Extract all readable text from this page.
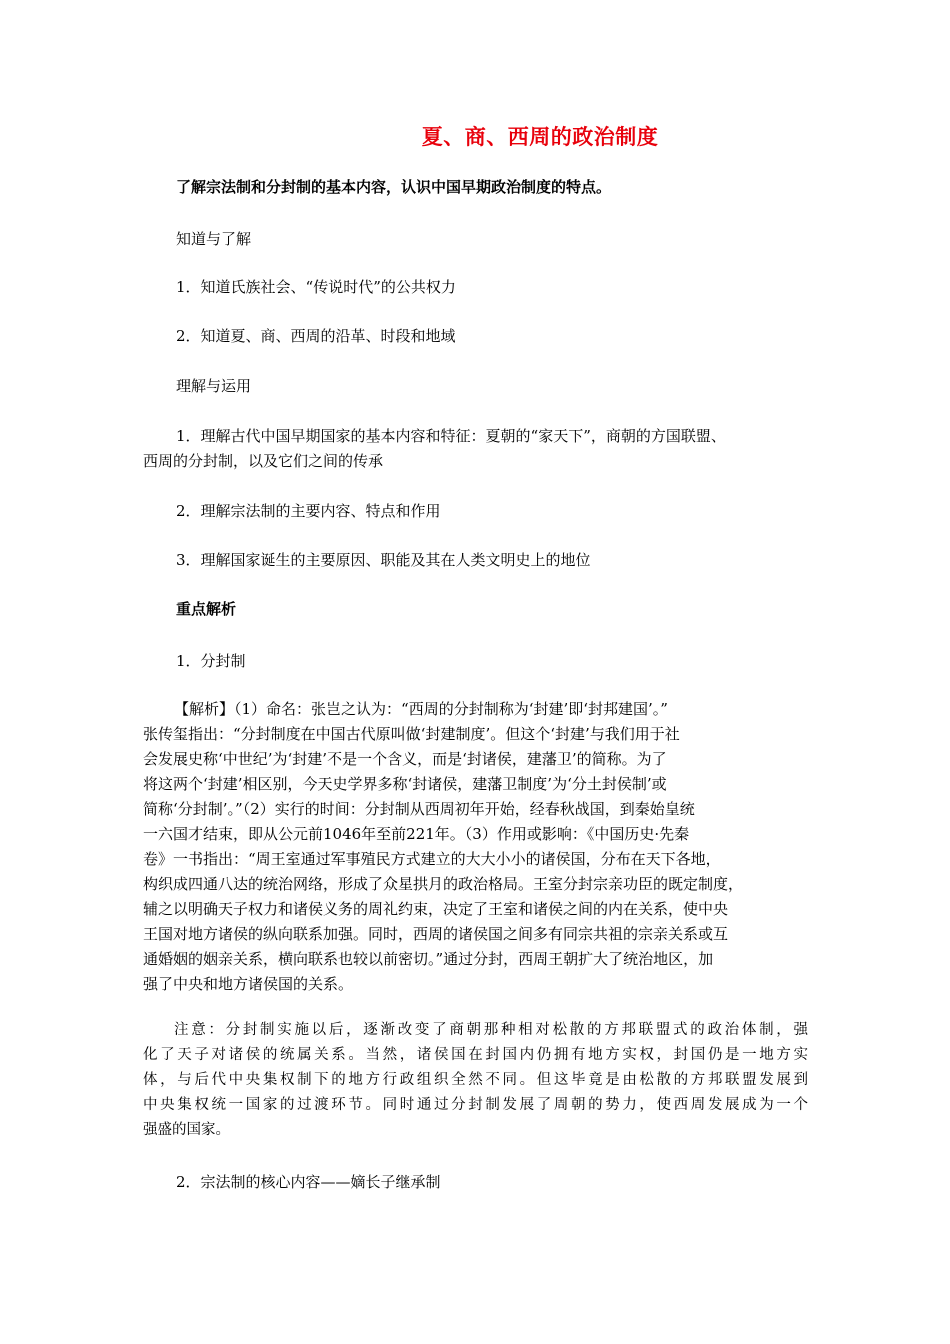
夏、商、西周的政治制度
了解宗法制和分封制的基本内容，认识中国早期政治制度的特点。
知道与了解
1．知道氏族社会、“传说时代”的公共权力
2．知道夏、商、西周的沿革、时段和地域
理解与运用
1．理解古代中国早期国家的基本内容和特征：夏朝的“家天下”，商朝的方国联盟、
西周的分封制，以及它们之间的传承
2．理解宗法制的主要内容、特点和作用
3．理解国家诞生的主要原因、职能及其在人类文明史上的地位
重点解析
1．分封制
【解析】（1）命名：张岂之认为：“西周的分封制称为‘封建’即‘封邦建国’。”
张传玺指出：“分封制度在中国古代原叫做‘封建制度’。但这个‘封建’与我们用于社
会发展史称‘中世纪’为‘封建’不是一个含义，而是‘封诸侯，建藩卫’的简称。为了
将这两个‘封建’相区别，今天史学界多称‘封诸侯，建藩卫制度’为‘分土封侯制’或
简称‘分封制’。”（2）实行的时间：分封制从西周初年开始，经春秋战国，到秦始皇统
一六国才结束，即从公元前1046年至前221年。（3）作用或影响：《中国历史·先秦
卷》一书指出：“周王室通过军事殖民方式建立的大大小小的诸侯国，分布在天下各地，
构织成四通八达的统治网络，形成了众星拱月的政治格局。王室分封宗亲功臣的既定制度，
辅之以明确天子权力和诸侯义务的周礼约束，决定了王室和诸侯之间的内在关系，使中央
王国对地方诸侯的纵向联系加强。同时，西周的诸侯国之间多有同宗共祖的宗亲关系或互
通婚姻的姻亲关系，横向联系也较以前密切。”通过分封，西周王朝扩大了统治地区，加
强了中央和地方诸侯国的关系。
注意：分封制实施以后，逐渐改变了商朝那种相对松散的方邦联盟式的政治体制，强
化了天子对诸侯的统属关系。当然，诸侯国在封国内仍拥有地方实权，封国仍是一地方实
体，与后代中央集权制下的地方行政组织全然不同。但这毕竟是由松散的方邦联盟发展到
中央集权统一国家的过渡环节。同时通过分封制发展了周朝的势力，使西周发展成为一个
强盛的国家。
2．宗法制的核心内容——嫡长子继承制
